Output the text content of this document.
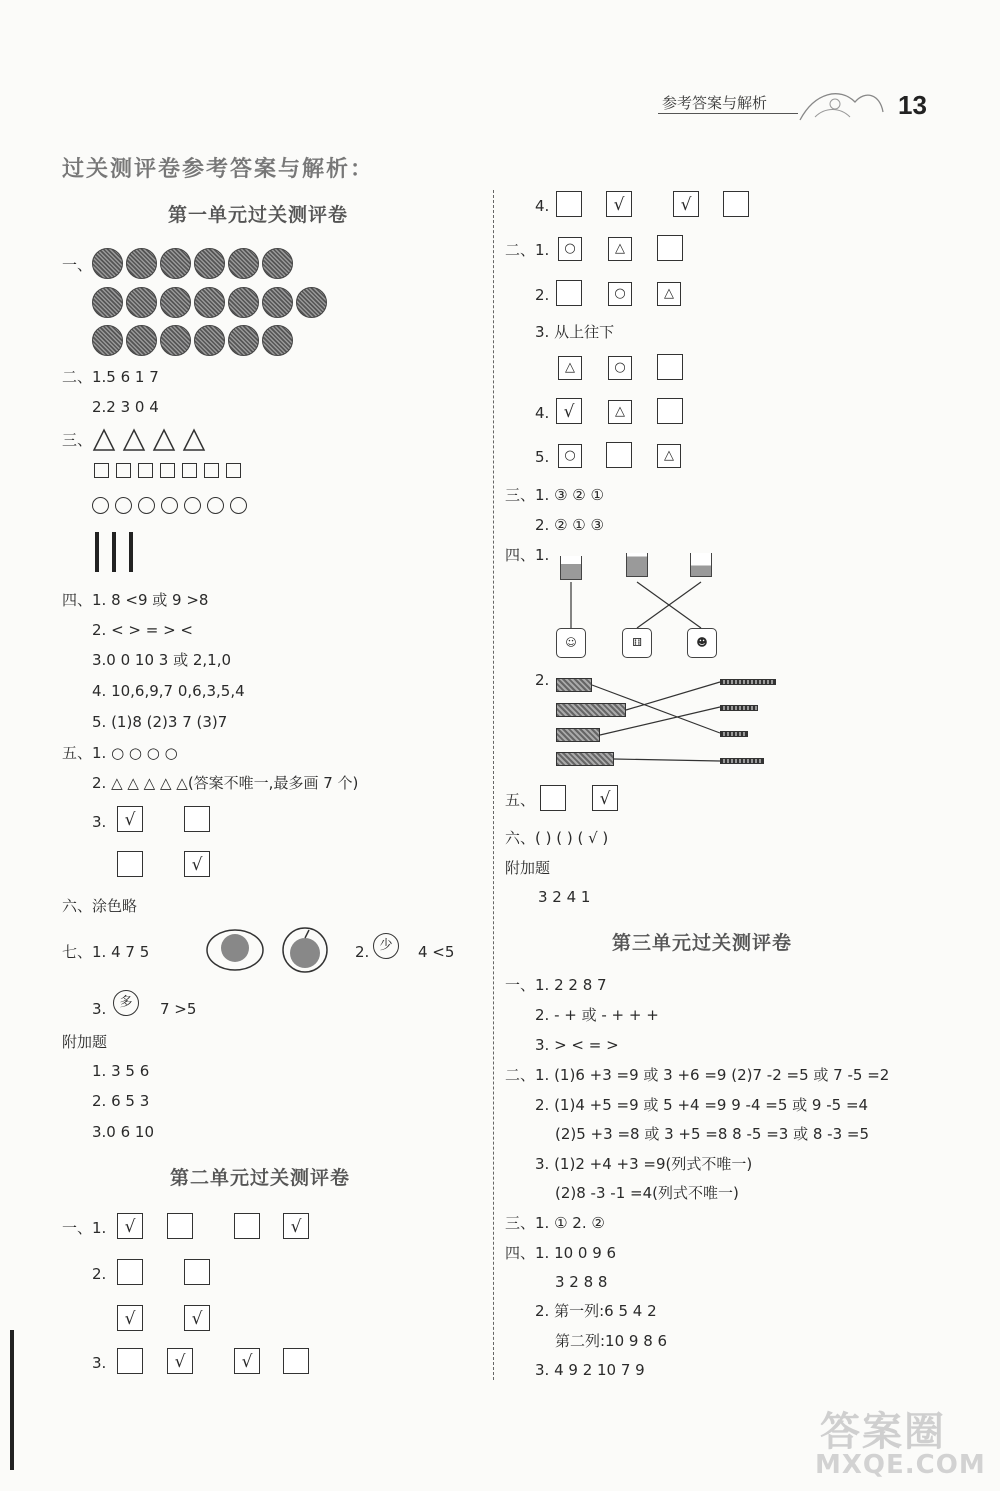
参考答案与解析	13
过关测评卷参考答案与解析：
第一单元过关测评卷
一、
二、 1.5 6 1 7
2.2 3 0 4
三、
四、 1. 8 <9 或 9 >8
2. < > = > <
3.0 0 10 3 或 2,1,0
4. 10,6,9,7 0,6,3,5,4
5. (1)8 (2)3 7 (3)7
五、 1. ○ ○ ○ ○
2. △ △ △ △ △(答案不唯一,最多画 7 个)
3.	√
√
六、 涂色略
七、 1. 4 7 5	2. 少	4 <5
3.	多	7 >5
附加题
1. 3 5 6
2. 6 5 3
3.0 6 10
第二单元过关测评卷
一、 1.	√	√
2.
√	√
3.	√	√
4.	√	√
二、 1.	○	△
2.	○	△
3. 从上往下
△	○
4. √	△
5.	○	△
三、 1. ③ ② ①
2. ② ① ③
四、 1.
☺	⚅	☻
2.
五、	√
六、 ( ) ( ) ( √ )
附加题
3 2 4 1
第三单元过关测评卷
一、 1. 2 2 8 7
2. - + 或 - + + +
3. > < = >
二、 1. (1)6 +3 =9 或 3 +6 =9 (2)7 -2 =5 或 7 -5 =2
2. (1)4 +5 =9 或 5 +4 =9 9 -4 =5 或 9 -5 =4
(2)5 +3 =8 或 3 +5 =8 8 -5 =3 或 8 -3 =5
3. (1)2 +4 +3 =9(列式不唯一)
(2)8 -3 -1 =4(列式不唯一)
三、 1. ① 2. ②
四、 1. 10 0 9 6
3 2 8 8
2. 第一列:6 5 4 2
第二列:10 9 8 6
3. 4 9 2 10 7 9
答案圈
MXQE.COM
